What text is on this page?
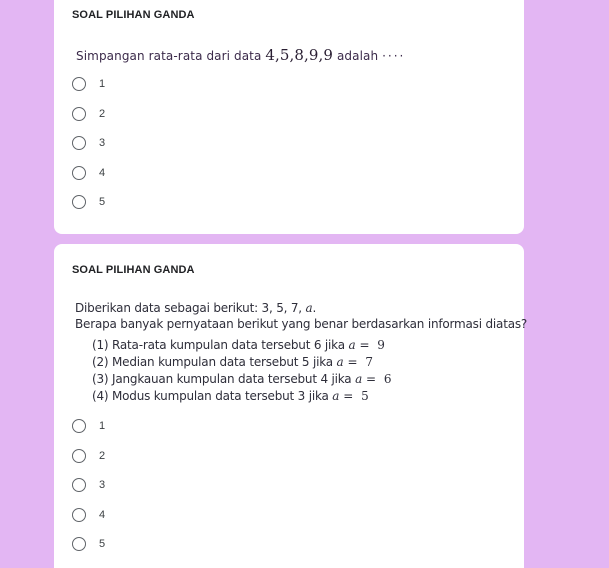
SOAL PILIHAN GANDA
Simpangan rata-rata dari data 4,5,8,9,9 adalah ····
1
2
3
4
5
SOAL PILIHAN GANDA
Diberikan data sebagai berikut: 3, 5, 7, a.
Berapa banyak pernyataan berikut yang benar berdasarkan informasi diatas?
(1) Rata-rata kumpulan data tersebut 6 jika a = 9
(2) Median kumpulan data tersebut 5 jika a = 7
(3) Jangkauan kumpulan data tersebut 4 jika a = 6
(4) Modus kumpulan data tersebut 3 jika a = 5
1
2
3
4
5
